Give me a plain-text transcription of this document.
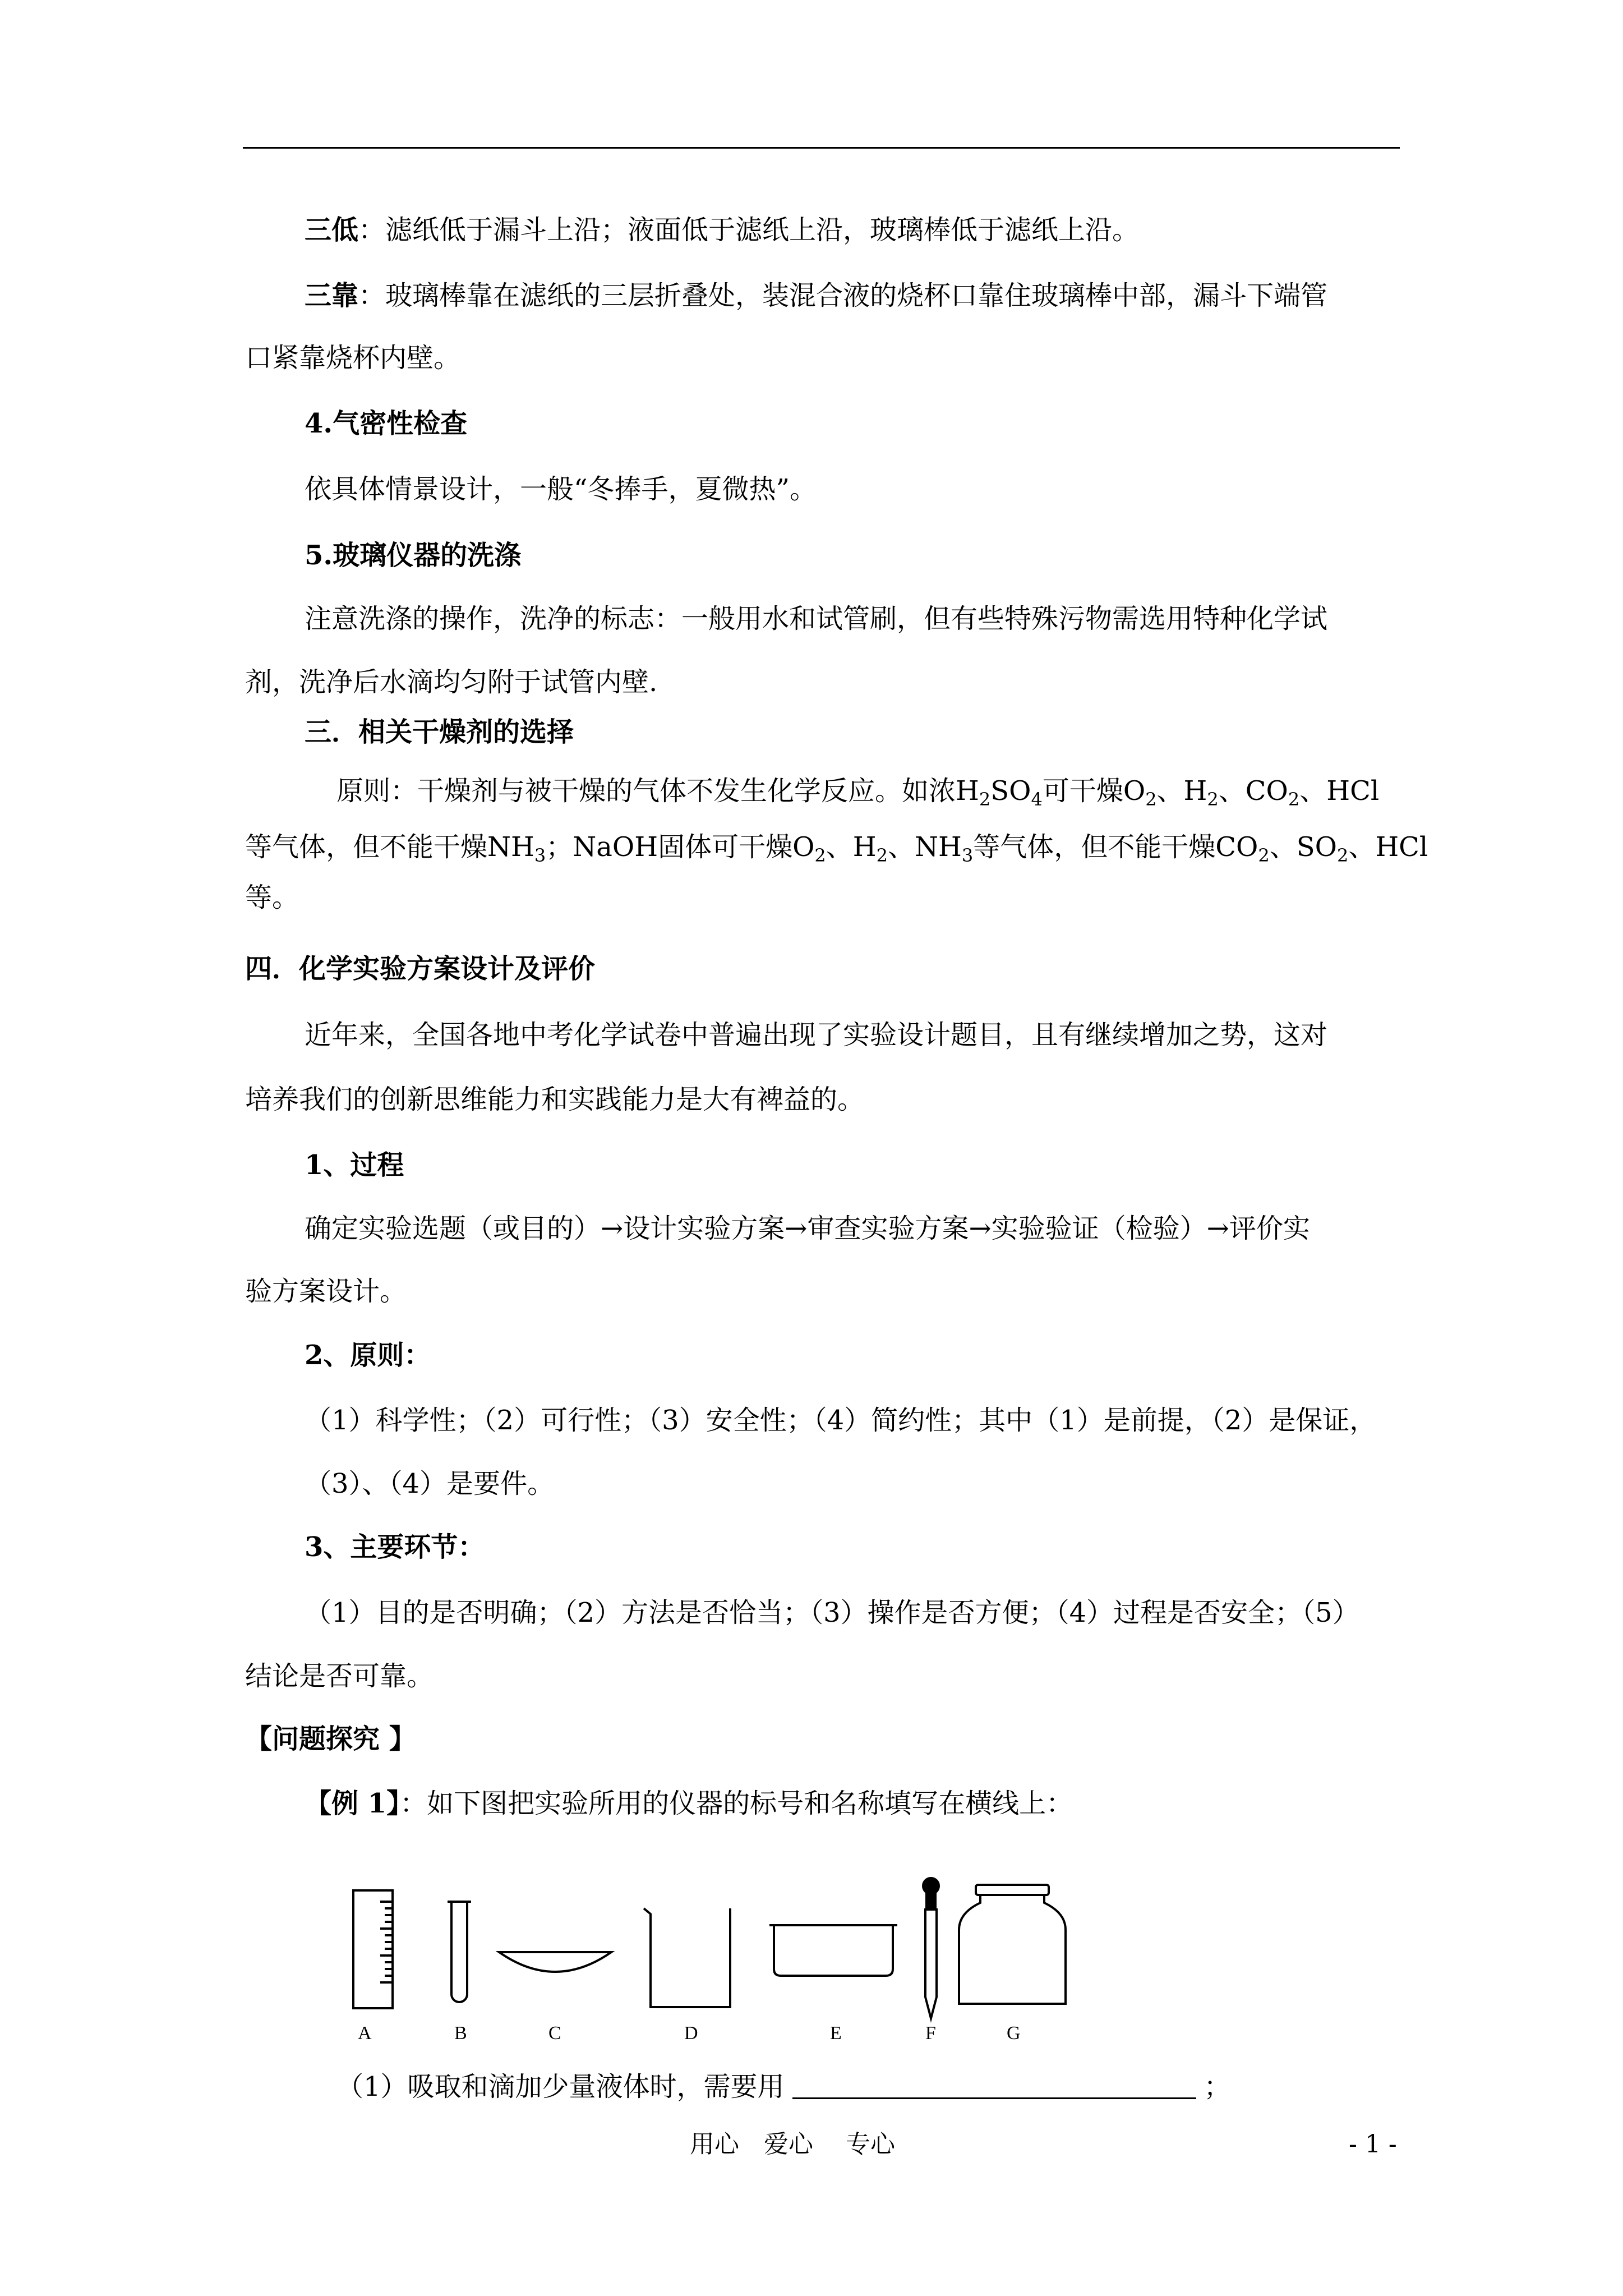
三低：滤纸低于漏斗上沿；液面低于滤纸上沿，玻璃棒低于滤纸上沿。
三靠：玻璃棒靠在滤纸的三层折叠处，装混合液的烧杯口靠住玻璃棒中部，漏斗下端管
口紧靠烧杯内壁。
4.气密性检查
依具体情景设计，一般“冬捧手，夏微热”。
5.玻璃仪器的洗涤
注意洗涤的操作，洗净的标志：一般用水和试管刷，但有些特殊污物需选用特种化学试
剂，洗净后水滴均匀附于试管内壁.
三．相关干燥剂的选择
原则：干燥剂与被干燥的气体不发生化学反应。如浓$H_2SO_4$可干燥$O_2$、$H_2$、$CO_2$、HCl
等气体，但不能干燥$NH_3$；NaOH固体可干燥$O_2$、$H_2$、$NH_3$等气体，但不能干燥$CO_2$、$SO_2$、HCl
等。
四．化学实验方案设计及评价
近年来，全国各地中考化学试卷中普遍出现了实验设计题目，且有继续增加之势，这对
培养我们的创新思维能力和实践能力是大有裨益的。
1、过程
确定实验选题（或目的）→设计实验方案→审查实验方案→实验验证（检验）→评价实
验方案设计。
2、原则：
（1）科学性；（2）可行性；（3）安全性；（4）简约性；其中（1）是前提，（2）是保证，
（3）、（4）是要件。
3、主要环节：
（1）目的是否明确；（2）方法是否恰当；（3）操作是否方便；（4）过程是否安全；（5）
结论是否可靠。
【问题探究 】
【例 1】：如下图把实验所用的仪器的标号和名称填写在横线上：
A	B	C	D	E	F	G
（1）吸取和滴加少量液体时，需要用	；
用心　爱心　 专心	- 1 -
